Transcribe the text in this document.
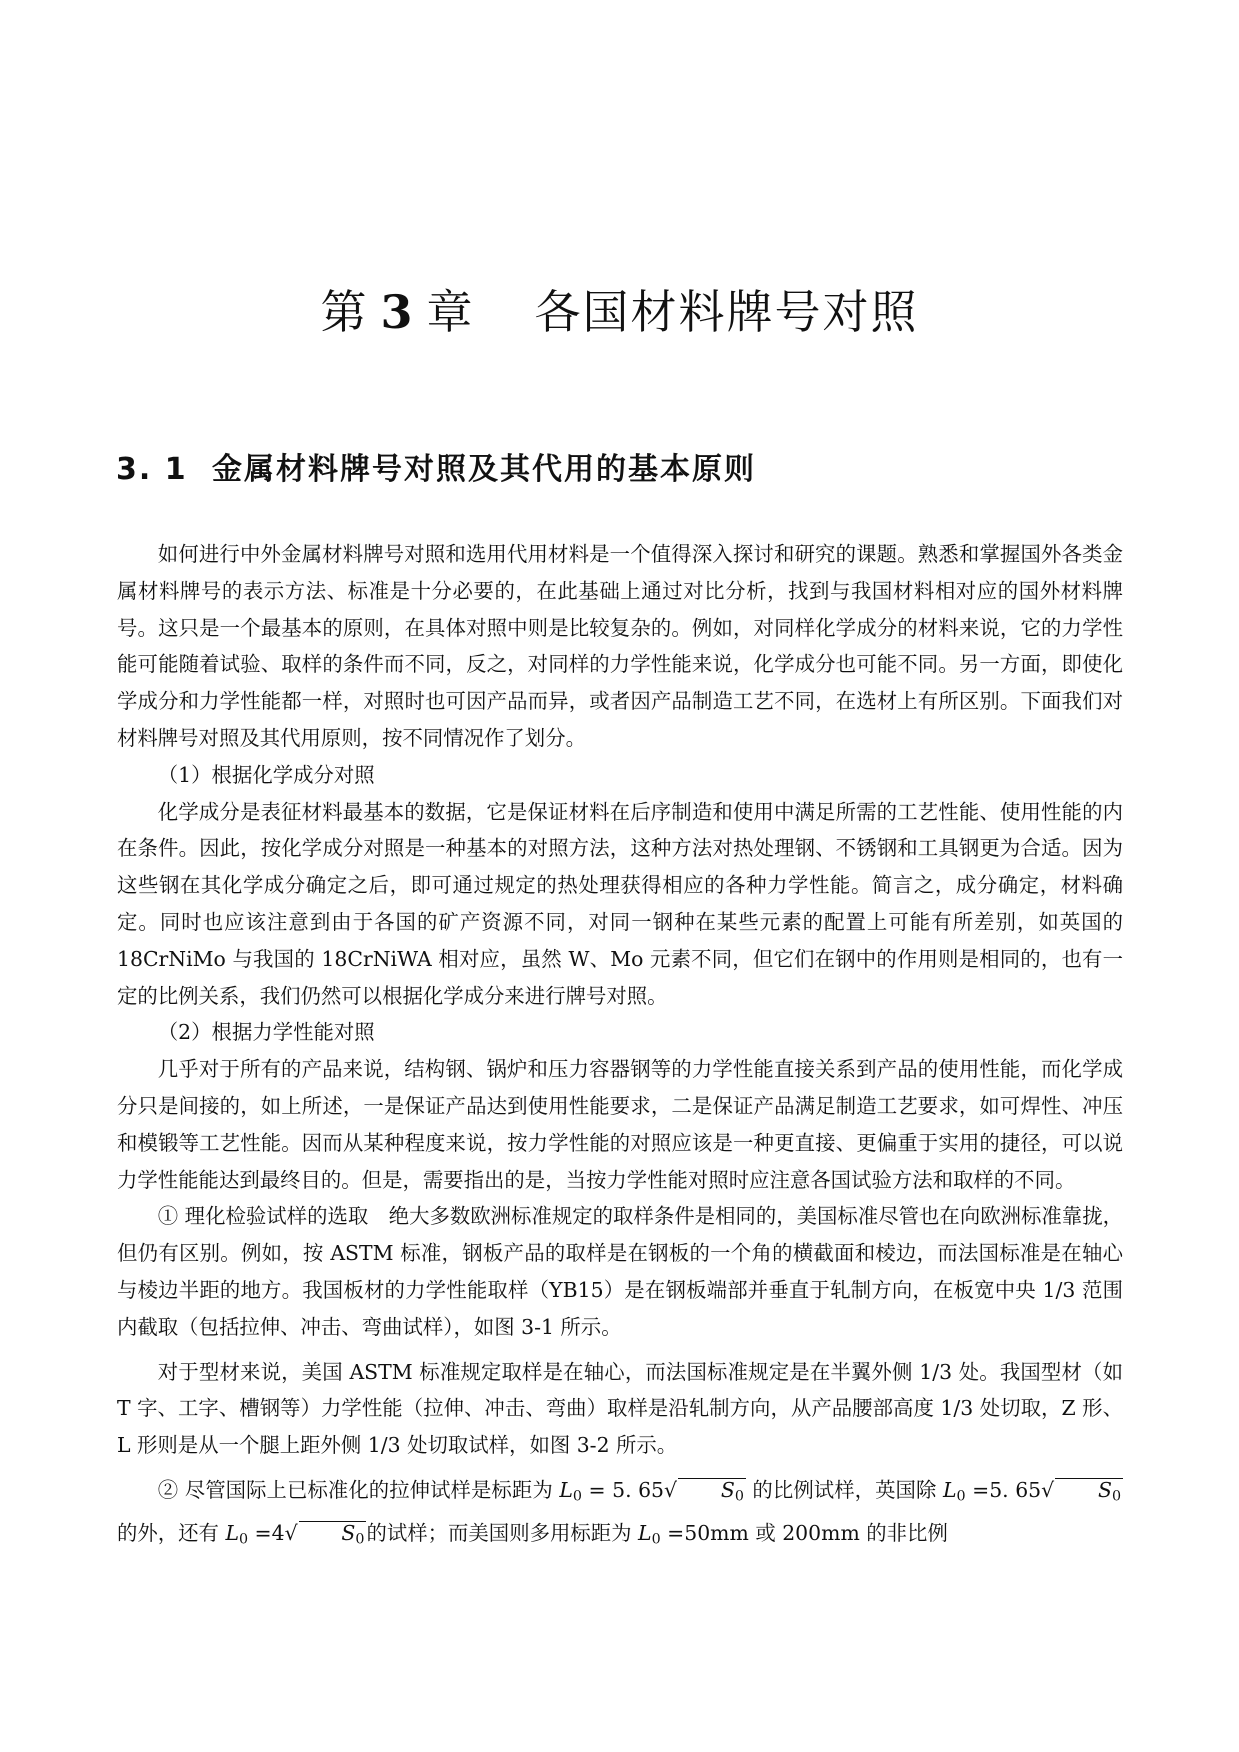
第 3 章 各国材料牌号对照
3. 1 金属材料牌号对照及其代用的基本原则

如何进行中外金属材料牌号对照和选用代用材料是一个值得深入探讨和研究的课题。熟悉和掌握国外各类金属材料牌号的表示方法、标准是十分必要的，在此基础上通过对比分析，找到与我国材料相对应的国外材料牌号。这只是一个最基本的原则，在具体对照中则是比较复杂的。例如，对同样化学成分的材料来说，它的力学性能可能随着试验、取样的条件而不同，反之，对同样的力学性能来说，化学成分也可能不同。另一方面，即使化学成分和力学性能都一样，对照时也可因产品而异，或者因产品制造工艺不同，在选材上有所区别。下面我们对材料牌号对照及其代用原则，按不同情况作了划分。

（1）根据化学成分对照

化学成分是表征材料最基本的数据，它是保证材料在后序制造和使用中满足所需的工艺性能、使用性能的内在条件。因此，按化学成分对照是一种基本的对照方法，这种方法对热处理钢、不锈钢和工具钢更为合适。因为这些钢在其化学成分确定之后，即可通过规定的热处理获得相应的各种力学性能。简言之，成分确定，材料确定。同时也应该注意到由于各国的矿产资源不同，对同一钢种在某些元素的配置上可能有所差别，如英国的 18CrNiMo 与我国的 18CrNiWA 相对应，虽然 W、Mo 元素不同，但它们在钢中的作用则是相同的，也有一定的比例关系，我们仍然可以根据化学成分来进行牌号对照。

（2）根据力学性能对照

几乎对于所有的产品来说，结构钢、锅炉和压力容器钢等的力学性能直接关系到产品的使用性能，而化学成分只是间接的，如上所述，一是保证产品达到使用性能要求，二是保证产品满足制造工艺要求，如可焊性、冲压和模锻等工艺性能。因而从某种程度来说，按力学性能的对照应该是一种更直接、更偏重于实用的捷径，可以说力学性能能达到最终目的。但是，需要指出的是，当按力学性能对照时应注意各国试验方法和取样的不同。

① 理化检验试样的选取　绝大多数欧洲标准规定的取样条件是相同的，美国标准尽管也在向欧洲标准靠拢，但仍有区别。例如，按 ASTM 标准，钢板产品的取样是在钢板的一个角的横截面和棱边，而法国标准是在轴心与棱边半距的地方。我国板材的力学性能取样（YB15）是在钢板端部并垂直于轧制方向，在板宽中央 1/3 范围内截取（包括拉伸、冲击、弯曲试样），如图 3-1 所示。

对于型材来说，美国 ASTM 标准规定取样是在轴心，而法国标准规定是在半翼外侧 1/3 处。我国型材（如 T 字、工字、槽钢等）力学性能（拉伸、冲击、弯曲）取样是沿轧制方向，从产品腰部高度 1/3 处切取，Z 形、L 形则是从一个腿上距外侧 1/3 处切取试样，如图 3-2 所示。

② 尽管国际上已标准化的拉伸试样是标距为 $L_0 = 5$. 65√ $S_0$ 的比例试样，英国除 $L_0 =5$. 65√ $S_0$的外，还有 $L_0 =4√$ $S_0$的试样；而美国则多用标距为 $L_0 =50mm$ 或 200mm 的非比例
